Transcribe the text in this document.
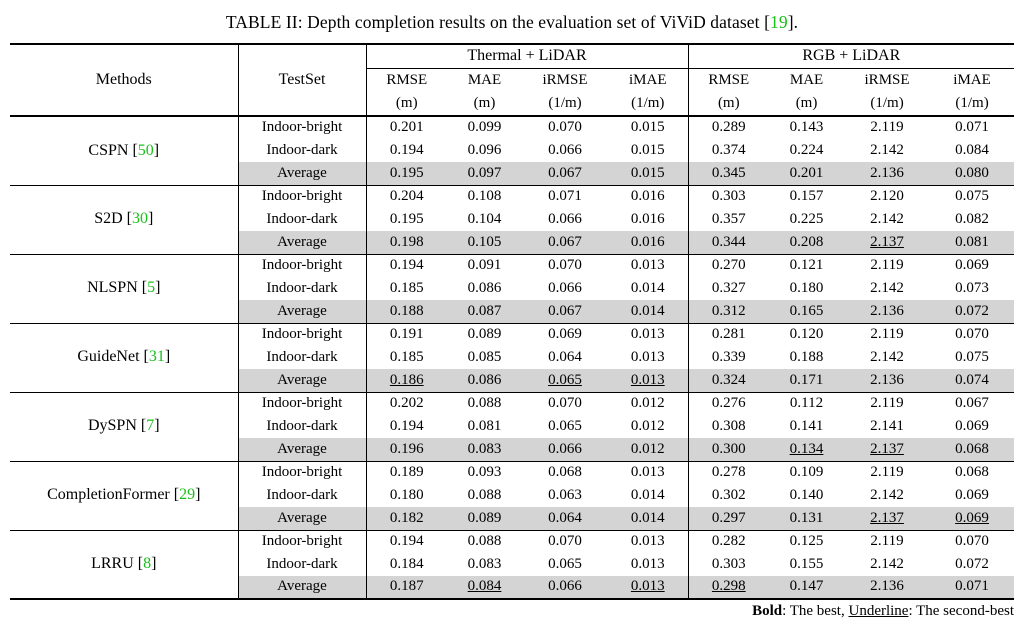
TABLE II: Depth completion results on the evaluation set of ViViD dataset [19].
Methods	TestSet	Thermal + LiDAR				RGB + LiDAR			
		RMSE	MAE	iRMSE	iMAE	RMSE	MAE	iRMSE	iMAE
		(m)	(m)	(1/m)	(1/m)	(m)	(m)	(1/m)	(1/m)
CSPN [50]	Indoor-bright	0.201	0.099	0.070	0.015	0.289	0.143	2.119	0.071
	Indoor-dark	0.194	0.096	0.066	0.015	0.374	0.224	2.142	0.084
	Average	0.195	0.097	0.067	0.015	0.345	0.201	2.136	0.080
S2D [30]	Indoor-bright	0.204	0.108	0.071	0.016	0.303	0.157	2.120	0.075
	Indoor-dark	0.195	0.104	0.066	0.016	0.357	0.225	2.142	0.082
	Average	0.198	0.105	0.067	0.016	0.344	0.208	2.137	0.081
NLSPN [5]	Indoor-bright	0.194	0.091	0.070	0.013	0.270	0.121	2.119	0.069
	Indoor-dark	0.185	0.086	0.066	0.014	0.327	0.180	2.142	0.073
	Average	0.188	0.087	0.067	0.014	0.312	0.165	2.136	0.072
GuideNet [31]	Indoor-bright	0.191	0.089	0.069	0.013	0.281	0.120	2.119	0.070
	Indoor-dark	0.185	0.085	0.064	0.013	0.339	0.188	2.142	0.075
	Average	0.186	0.086	0.065	0.013	0.324	0.171	2.136	0.074
DySPN [7]	Indoor-bright	0.202	0.088	0.070	0.012	0.276	0.112	2.119	0.067
	Indoor-dark	0.194	0.081	0.065	0.012	0.308	0.141	2.141	0.069
	Average	0.196	0.083	0.066	0.012	0.300	0.134	2.137	0.068
CompletionFormer [29]	Indoor-bright	0.189	0.093	0.068	0.013	0.278	0.109	2.119	0.068
	Indoor-dark	0.180	0.088	0.063	0.014	0.302	0.140	2.142	0.069
	Average	0.182	0.089	0.064	0.014	0.297	0.131	2.137	0.069
LRRU [8]	Indoor-bright	0.194	0.088	0.070	0.013	0.282	0.125	2.119	0.070
	Indoor-dark	0.184	0.083	0.065	0.013	0.303	0.155	2.142	0.072
	Average	0.187	0.084	0.066	0.013	0.298	0.147	2.136	0.071
Bold: The best, Underline: The second-best
